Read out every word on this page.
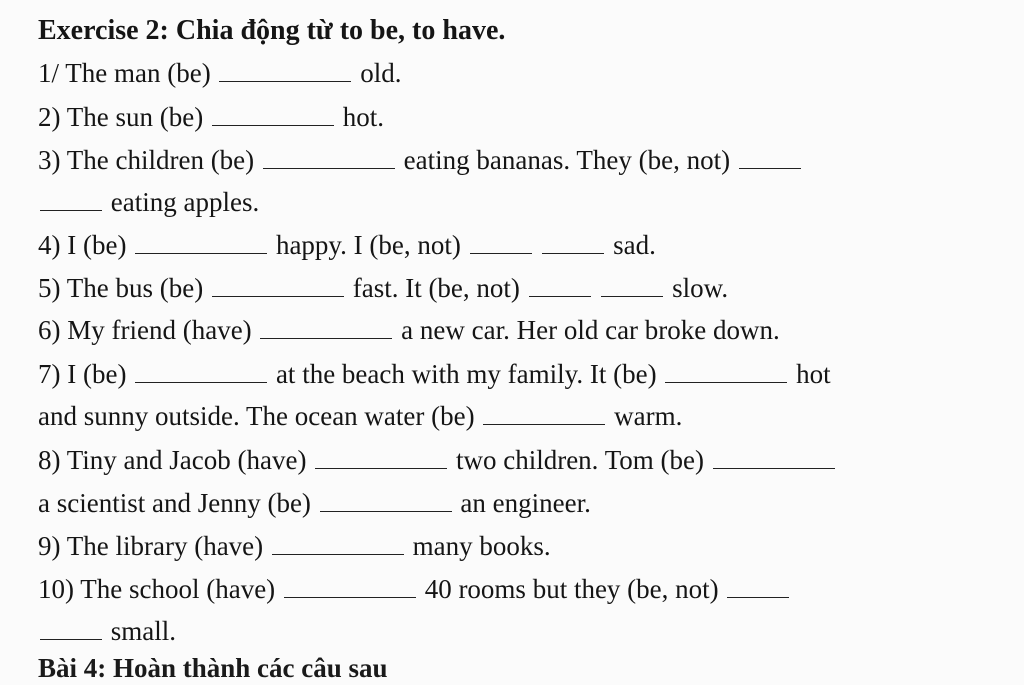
Exercise 2: Chia động từ to be, to have.
1/ The man (be)	old.
2) The sun (be)	hot.
3) The children (be)	eating bananas. They (be, not)
eating apples.
4) I (be)	happy. I (be, not)	sad.
5) The bus (be)	fast. It (be, not)	slow.
6) My friend (have)	a new car. Her old car broke down.
7) I (be)	at the beach with my family. It (be)	hot
and sunny outside. The ocean water (be)	warm.
8) Tiny and Jacob (have)	two children. Tom (be)
a scientist and Jenny (be)	an engineer.
9) The library (have)	many books.
10) The school (have)	40 rooms but they (be, not)
small.
Bài 4: Hoàn thành các câu sau
